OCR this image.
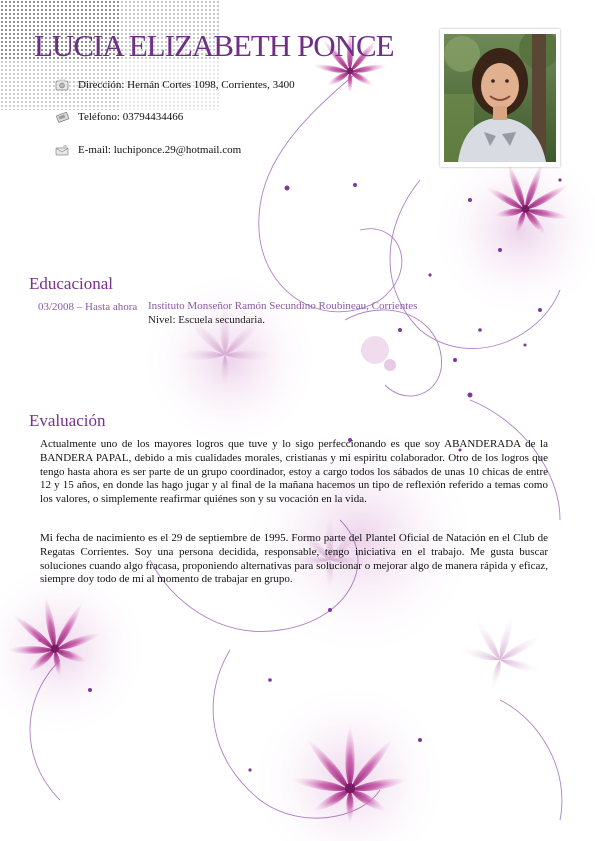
LUCIA ELIZABETH PONCE
Dirección: Hernán Cortes 1098, Corrientes, 3400
Teléfono: 03794434466
E-mail: luchiponce.29@hotmail.com
Educacional
03/2008 – Hasta ahora Instituto Monseñor Ramón Secundino Roubineau, Corrientes
Nivel: Escuela secundaria.
Evaluación
Actualmente uno de los mayores logros que tuve y lo sigo perfeccionando es que soy ABANDERADA de la BANDERA PAPAL, debido a mis cualidades morales, cristianas y mi espiritu colaborador. Otro de los logros que tengo hasta ahora es ser parte de un grupo coordinador, estoy a cargo todos los sábados de unas 10 chicas de entre 12 y 15 años, en donde las hago jugar y al final de la mañana hacemos un tipo de reflexión referido a temas como los valores, o simplemente reafirmar quiénes son y su vocación en la vida.
Mi fecha de nacimiento es el 29 de septiembre de 1995. Formo parte del Plantel Oficial de Natación en el Club de Regatas Corrientes. Soy una persona decidida, responsable, tengo iniciativa en el trabajo. Me gusta buscar soluciones cuando algo fracasa, proponiendo alternativas para solucionar o mejorar algo de manera rápida y eficaz, siempre doy todo de mí al momento de trabajar en grupo.
